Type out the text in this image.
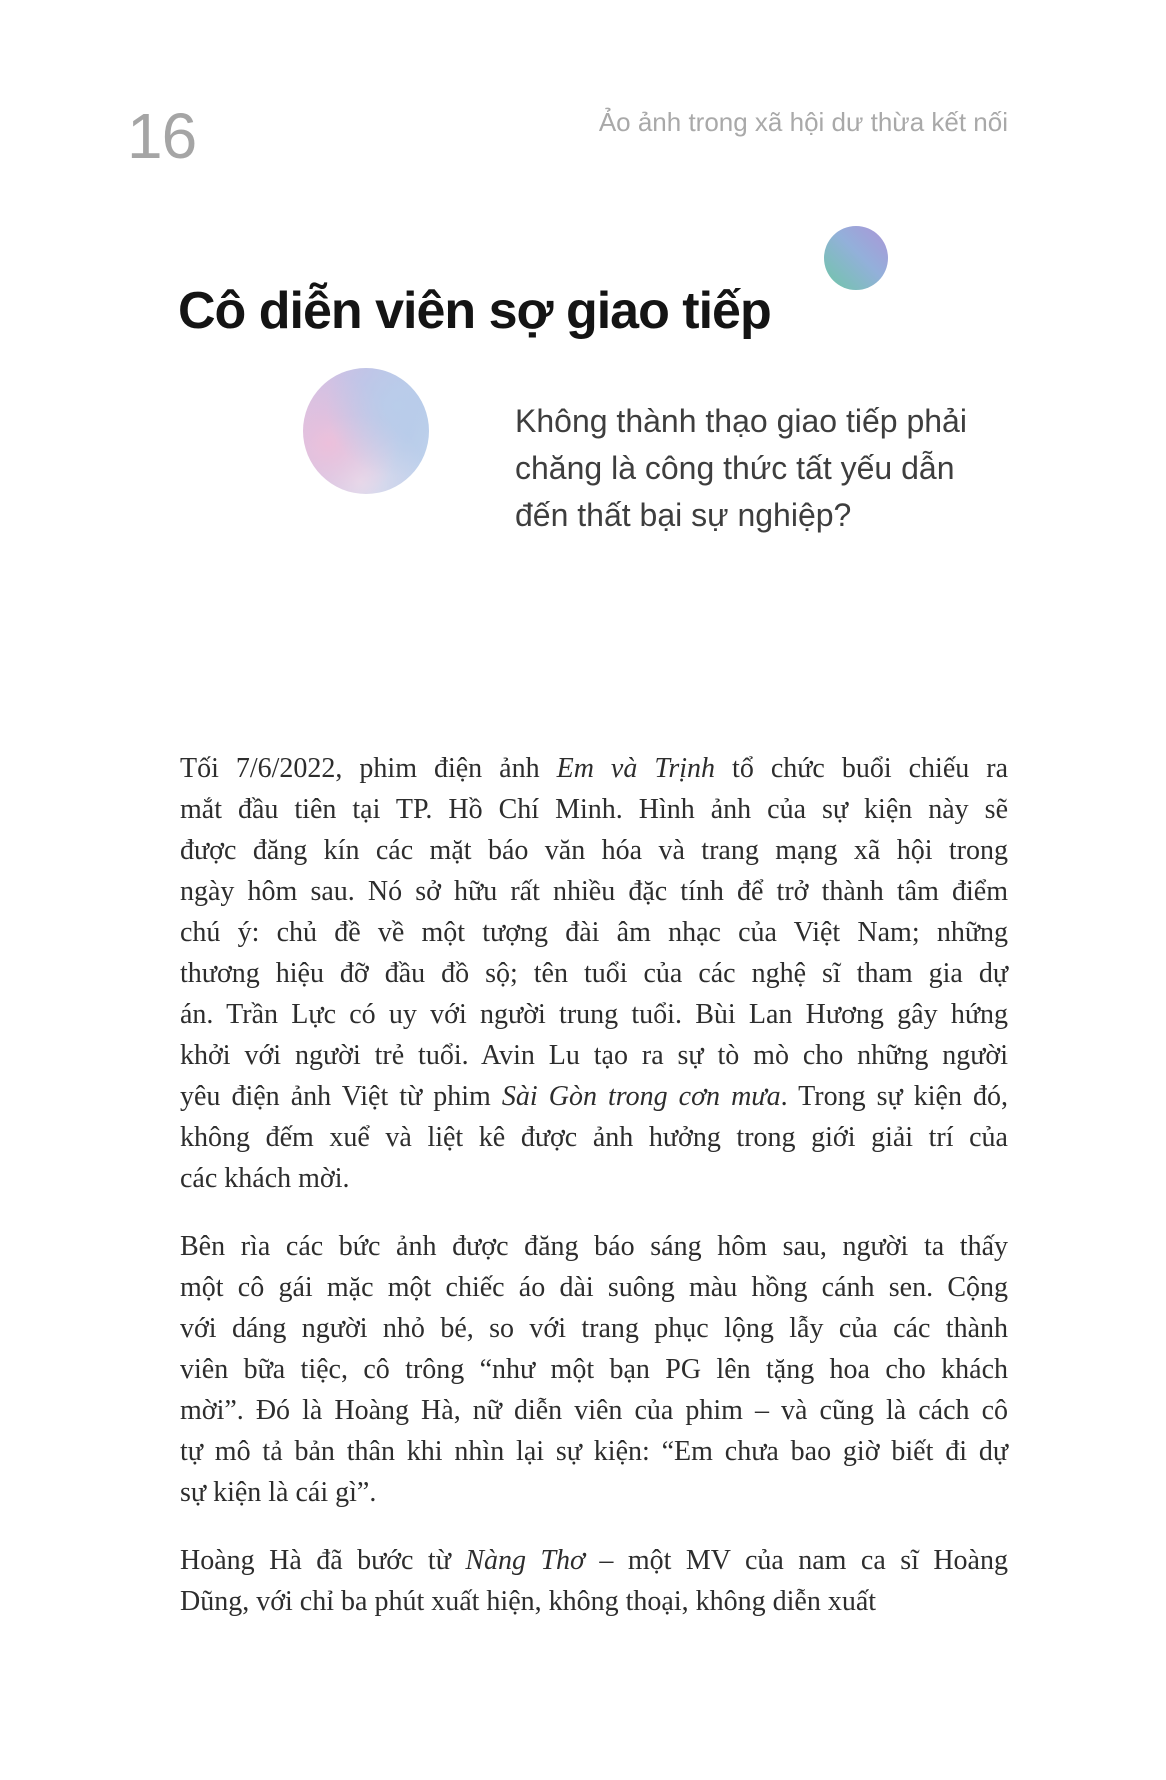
16	Ảo ảnh trong xã hội dư thừa kết nối
Cô diễn viên sợ giao tiếp
Không thành thạo giao tiếp phải
chăng là công thức tất yếu dẫn
đến thất bại sự nghiệp?
Tối 7/6/2022, phim điện ảnh Em và Trịnh tổ chức buổi chiếu ra
mắt đầu tiên tại TP. Hồ Chí Minh. Hình ảnh của sự kiện này sẽ
được đăng kín các mặt báo văn hóa và trang mạng xã hội trong
ngày hôm sau. Nó sở hữu rất nhiều đặc tính để trở thành tâm điểm
chú ý: chủ đề về một tượng đài âm nhạc của Việt Nam; những
thương hiệu đỡ đầu đồ sộ; tên tuổi của các nghệ sĩ tham gia dự
án. Trần Lực có uy với người trung tuổi. Bùi Lan Hương gây hứng
khởi với người trẻ tuổi. Avin Lu tạo ra sự tò mò cho những người
yêu điện ảnh Việt từ phim Sài Gòn trong cơn mưa. Trong sự kiện đó,
không đếm xuể và liệt kê được ảnh hưởng trong giới giải trí của
các khách mời.
Bên rìa các bức ảnh được đăng báo sáng hôm sau, người ta thấy
một cô gái mặc một chiếc áo dài suông màu hồng cánh sen. Cộng
với dáng người nhỏ bé, so với trang phục lộng lẫy của các thành
viên bữa tiệc, cô trông “như một bạn PG lên tặng hoa cho khách
mời”. Đó là Hoàng Hà, nữ diễn viên của phim – và cũng là cách cô
tự mô tả bản thân khi nhìn lại sự kiện: “Em chưa bao giờ biết đi dự
sự kiện là cái gì”.
Hoàng Hà đã bước từ Nàng Thơ – một MV của nam ca sĩ Hoàng
Dũng, với chỉ ba phút xuất hiện, không thoại, không diễn xuất
